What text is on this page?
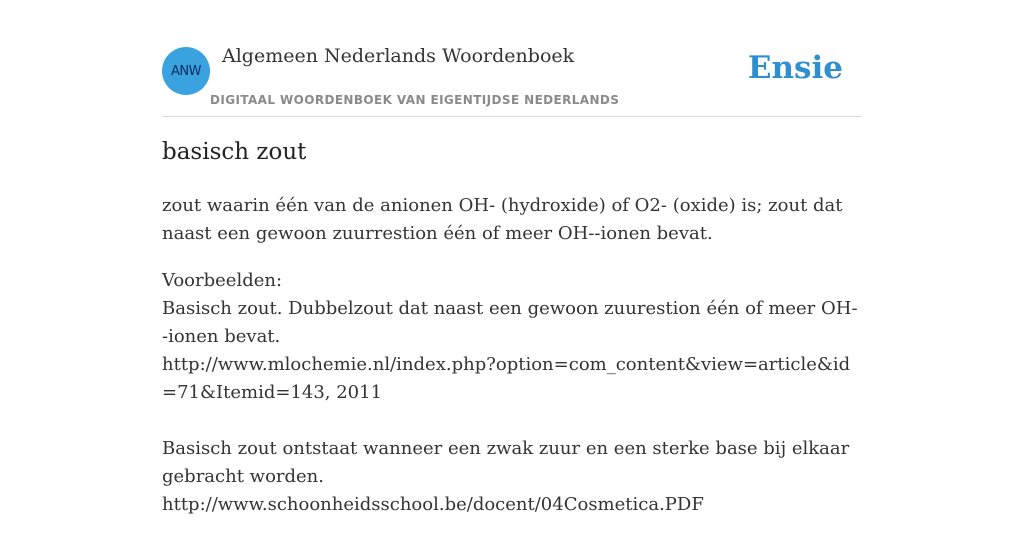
ANW
Algemeen Nederlands Woordenboek
DIGITAAL WOORDENBOEK VAN EIGENTIJDSE NEDERLANDS
Ensie
basisch zout

zout waarin één van de anionen OH- (hydroxide) of O2- (oxide) is; zout dat naast een gewoon zuurrestion één of meer OH--ionen bevat.

Voorbeelden:

Basisch zout. Dubbelzout dat naast een gewoon zuurestion één of meer OH--ionen bevat.

http://www.mlochemie.nl/index.php?option=com_content&view=article&id=71&Itemid=143, 2011

Basisch zout ontstaat wanneer een zwak zuur en een sterke base bij elkaar gebracht worden.

http://www.schoonheidsschool.be/docent/04Cosmetica.PDF
